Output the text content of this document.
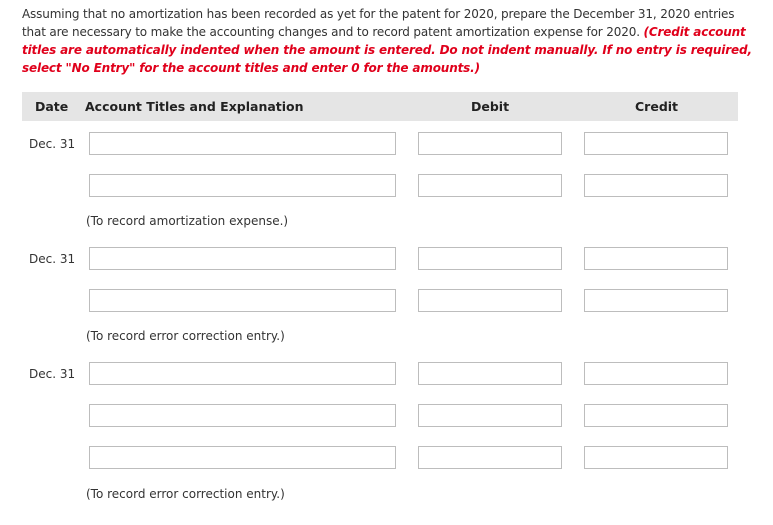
Assuming that no amortization has been recorded as yet for the patent for 2020, prepare the December 31, 2020 entries that are necessary to make the accounting changes and to record patent amortization expense for 2020. (Credit account titles are automatically indented when the amount is entered. Do not indent manually. If no entry is required, select "No Entry" for the account titles and enter 0 for the amounts.)
Date Account Titles and Explanation	Debit	Credit
Dec. 31
(To record amortization expense.)
Dec. 31
(To record error correction entry.)
Dec. 31
(To record error correction entry.)
